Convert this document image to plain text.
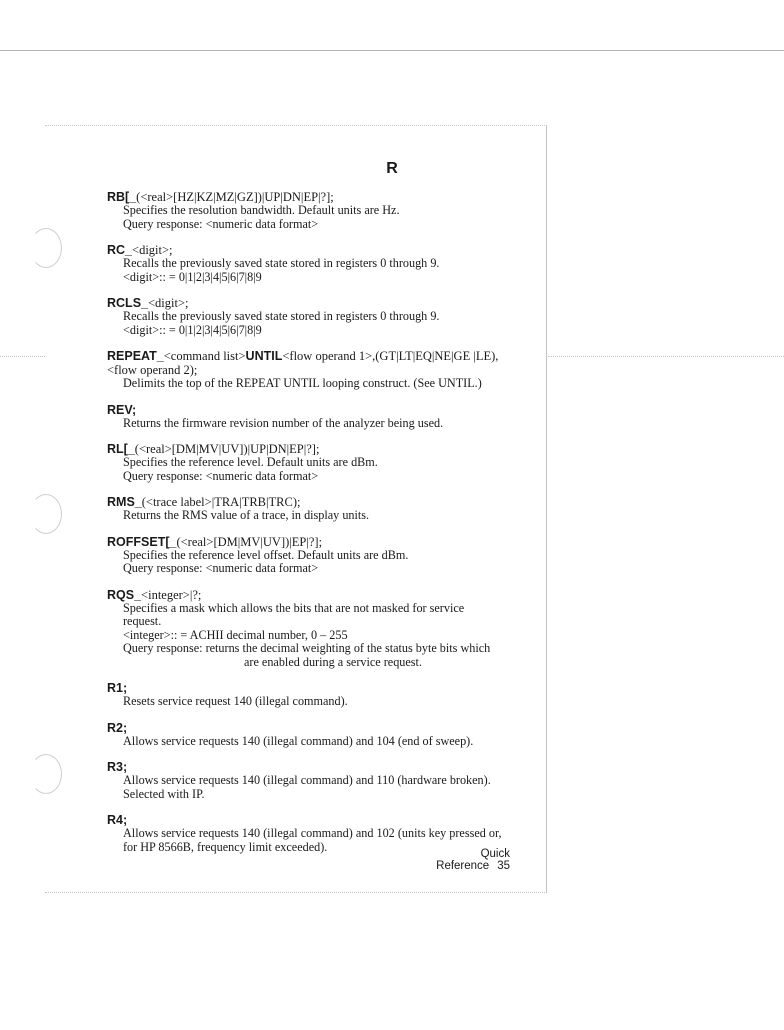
R
RB[_(<real>[HZ|KZ|MZ|GZ])|UP|DN|EP|?];
Specifies the resolution bandwidth. Default units are Hz.
Query response: <numeric data format>
RC_<digit>;
Recalls the previously saved state stored in registers 0 through 9.
<digit>:: = 0|1|2|3|4|5|6|7|8|9
RCLS_<digit>;
Recalls the previously saved state stored in registers 0 through 9.
<digit>:: = 0|1|2|3|4|5|6|7|8|9
REPEAT_<command list>UNTIL<flow operand 1>,(GT|LT|EQ|NE|GE |LE),<flow operand 2);
Delimits the top of the REPEAT UNTIL looping construct. (See UNTIL.)
REV;
Returns the firmware revision number of the analyzer being used.
RL[_(<real>[DM|MV|UV])|UP|DN|EP|?];
Specifies the reference level. Default units are dBm.
Query response: <numeric data format>
RMS_(<trace label>|TRA|TRB|TRC);
Returns the RMS value of a trace, in display units.
ROFFSET[_(<real>[DM|MV|UV])|EP|?];
Specifies the reference level offset. Default units are dBm.
Query response: <numeric data format>
RQS_<integer>|?;
Specifies a mask which allows the bits that are not masked for service
request.
<integer>:: = ACHII decimal number, 0 – 255
Query response: returns the decimal weighting of the status byte bits which
are enabled during a service request.
R1;
Resets service request 140 (illegal command).
R2;
Allows service requests 140 (illegal command) and 104 (end of sweep).
R3;
Allows service requests 140 (illegal command) and 110 (hardware broken).
Selected with IP.
R4;
Allows service requests 140 (illegal command) and 102 (units key pressed or,
for HP 8566B, frequency limit exceeded).
Quick Reference 35
